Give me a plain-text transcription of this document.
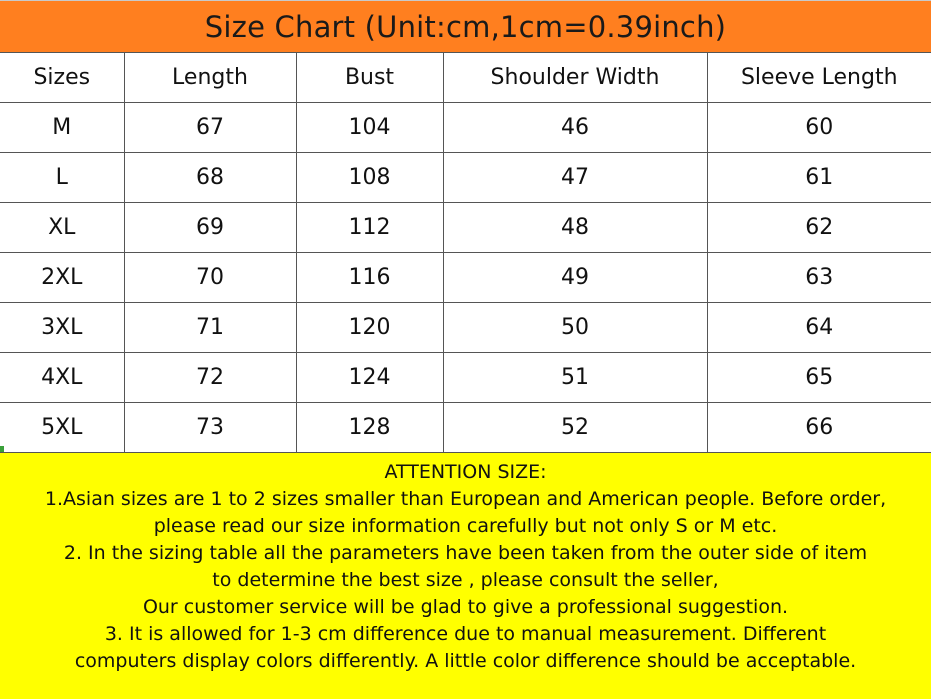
Size Chart (Unit:cm,1cm=0.39inch)
Sizes	Length	Bust	Shoulder Width	Sleeve Length
M	67	104	46	60
L	68	108	47	61
XL	69	112	48	62
2XL	70	116	49	63
3XL	71	120	50	64
4XL	72	124	51	65
5XL	73	128	52	66
ATTENTION SIZE:
1.Asian sizes are 1 to 2 sizes smaller than European and American people. Before order,
please read our size information carefully but not only S or M etc.
2. In the sizing table all the parameters have been taken from the outer side of item
to determine the best size , please consult the seller,
Our customer service will be glad to give a professional suggestion.
3. It is allowed for 1-3 cm difference due to manual measurement. Different
computers display colors differently. A little color difference should be acceptable.
